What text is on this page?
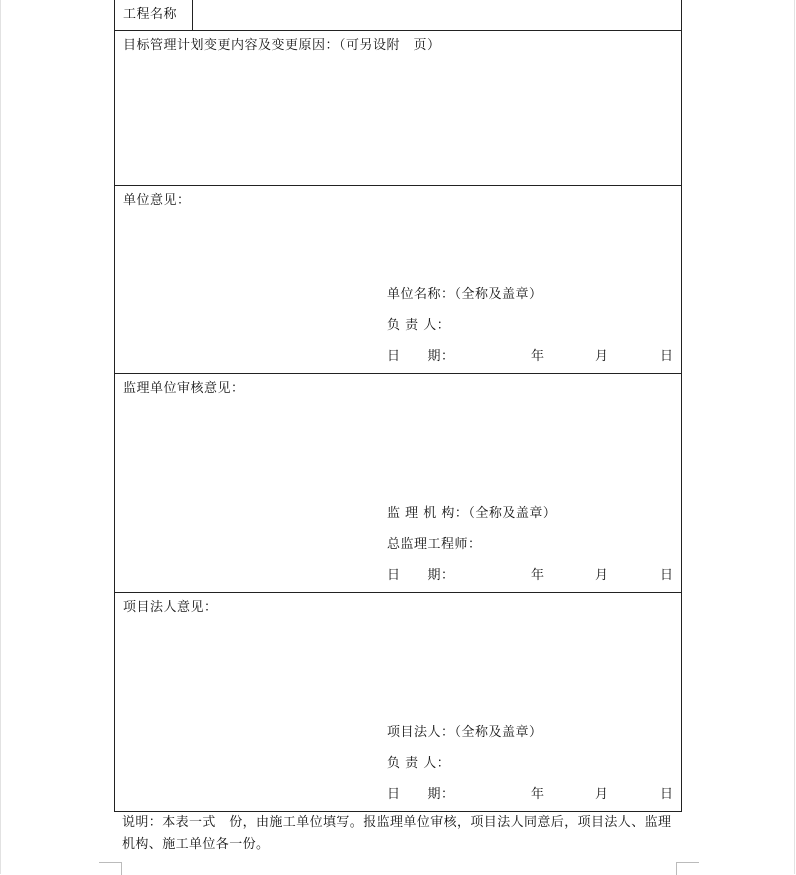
工程名称
目标管理计划变更内容及变更原因：（可另设附　页）
单位意见：
单位名称：（全称及盖章）
负 责 人：
日　　期：	年	月	日
监理单位审核意见：
监 理 机 构：（全称及盖章）
总监理工程师：
日　　期：	年	月	日
项目法人意见：
项目法人：（全称及盖章）
负 责 人：
日　　期：	年	月	日
说明：本表一式　份，由施工单位填写。报监理单位审核，项目法人同意后，项目法人、监理机构、施工单位各一份。
